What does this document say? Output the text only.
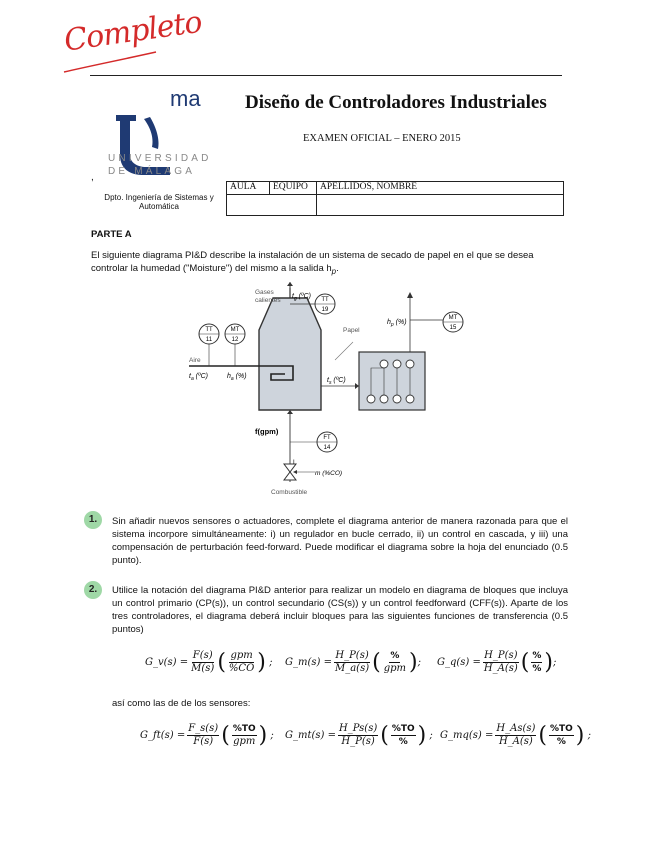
Completo
ma
UNIVERSIDAD
DE MÁLAGA
,
Diseño de Controladores Industriales
EXAMEN OFICIAL – ENERO 2015
AULA	EQUIPO	APELLIDOS, NOMBRE

Dpto. Ingeniería de Sistemas y Automática
PARTE A
El siguiente diagrama PI&D describe la instalación de un sistema de secado de papel en el que se desea controlar la humedad ("Moisture") del mismo a la salida $h_p$.
Gases
calientes
$t_g$ (ºC) TT
19
Papel
MT
15
$h_p$ (%)
$t_s$ (ºC)
Aire
$t_a$ (ºC)	$h_a$ (%)
TT
11
MT
12
f(gpm)
FT
14
I
m (%CO)
Combustible
1.	Sin añadir nuevos sensores o actuadores, complete el diagrama anterior de manera razonada para que el sistema incorpore simultáneamente: i) un regulador en bucle cerrado, ii) un control en cascada, y iii) una compensación de perturbación feed-forward. Puede modificar el diagrama sobre la hoja del enunciado (0.5 punto).
2.	Utilice la notación del diagrama PI&D anterior para realizar un modelo en diagrama de bloques que incluya un control primario (CP(s)), un control secundario (CS(s)) y un control feedforward (CFF(s)). Aparte de los tres controladores, el diagrama deberá incluir bloques para las siguientes funciones de transferencia (0.5 puntos)
G_v(s) = $\frac{F(s)}{M(s)}$ ( $\frac{\text{gpm}}{\%CO}$ )
; G_m(s) = $\frac{H\_P(s)}{M\_a(s)}$ ( $\frac{\%}{\text{gpm}}$ ) ; G_q(s) = $\frac{H\_P(s)}{H\_A(s)}$ ( $\frac{\%}{\%}$ ) ;
así como las de de los sensores:
G_ft(s) = $\frac{F\_s(s)}{F(s)}$ ( $\frac{\%TO}{\text{gpm}}$ )
; G_mt(s) = $\frac{H\_Ps(s)}{H\_P(s)}$ ( $\frac{\%TO}{\%}$ )
; G_mq(s) = $\frac{H\_As(s)}{H\_A(s)}$ ( $\frac{\%TO}{\%}$ )
;
